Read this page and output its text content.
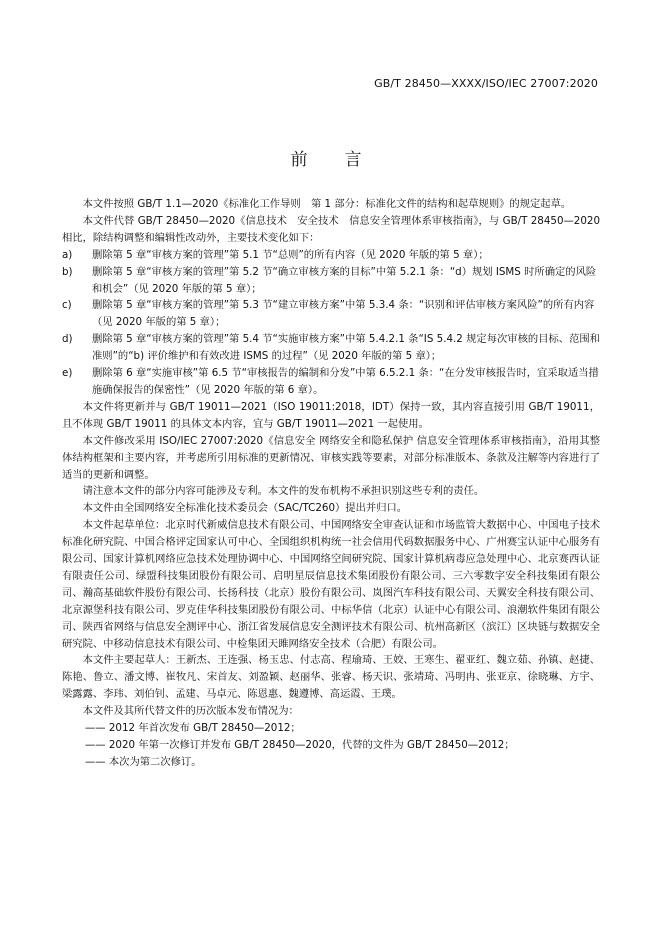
GB/T 28450—XXXX/ISO/IEC 27007:2020
前　言

本文件按照 GB/T 1.1—2020《标准化工作导则　第 1 部分：标准化文件的结构和起草规则》的规定起草。

本文件代替 GB/T 28450—2020《信息技术　安全技术　信息安全管理体系审核指南》，与 GB/T 28450—2020 相比，除结构调整和编辑性改动外，主要技术变化如下：

a)	删除第 5 章“审核方案的管理”第 5.1 节“总则”的所有内容（见 2020 年版的第 5 章）；
b)	删除第 5 章“审核方案的管理”第 5.2 节“确立审核方案的目标”中第 5.2.1 条：“d）规划 ISMS 时所确定的风险和机会”（见 2020 年版的第 5 章）；
c)	删除第 5 章“审核方案的管理”第 5.3 节“建立审核方案”中第 5.3.4 条：“识别和评估审核方案风险”的所有内容（见 2020 年版的第 5 章）；
d)	删除第 5 章“审核方案的管理”第 5.4 节“实施审核方案”中第 5.4.2.1 条“IS 5.4.2 规定每次审核的目标、范围和准则”的“b) 评价维护和有效改进 ISMS 的过程”（见 2020 年版的第 5 章）；
e)	删除第 6 章“实施审核”第 6.5 节“审核报告的编制和分发”中第 6.5.2.1 条：“在分发审核报告时，宜采取适当措施确保报告的保密性”（见 2020 年版的第 6 章）。

本文件将更新并与 GB/T 19011—2021（ISO 19011:2018，IDT）保持一致，其内容直接引用 GB/T 19011，且不体现 GB/T 19011 的具体文本内容，宜与 GB/T 19011—2021 一起使用。

本文件修改采用 ISO/IEC 27007:2020《信息安全 网络安全和隐私保护 信息安全管理体系审核指南》，沿用其整体结构框架和主要内容，并考虑所引用标准的更新情况、审核实践等要素，对部分标准版本、条款及注解等内容进行了适当的更新和调整。

请注意本文件的部分内容可能涉及专利。本文件的发布机构不承担识别这些专利的责任。

本文件由全国网络安全标准化技术委员会（SAC/TC260）提出并归口。

本文件起草单位：北京时代新威信息技术有限公司、中国网络安全审查认证和市场监管大数据中心、中国电子技术标准化研究院、中国合格评定国家认可中心、全国组织机构统一社会信用代码数据服务中心、广州赛宝认证中心服务有限公司、国家计算机网络应急技术处理协调中心、中国网络空间研究院、国家计算机病毒应急处理中心、北京赛西认证有限责任公司、绿盟科技集团股份有限公司、启明星辰信息技术集团股份有限公司、三六零数字安全科技集团有限公司、瀚高基础软件股份有限公司、长扬科技（北京）股份有限公司、岚图汽车科技有限公司、天翼安全科技有限公司、北京源堡科技有限公司、罗克佳华科技集团股份有限公司、中标华信（北京）认证中心有限公司、浪潮软件集团有限公司、陕西省网络与信息安全测评中心、浙江省发展信息安全测评技术有限公司、杭州高新区（滨江）区块链与数据安全研究院、中移动信息技术有限公司、中检集团天雎网络安全技术（合肥）有限公司。

本文件主要起草人：王新杰、王连强、杨玉忠、付志高、程瑜琦、王姣、王寒生、翟亚红、魏立茹、孙镇、赵捷、陈艳、鲁立、潘文博、崔牧凡、宋首友、刘盈颖、赵丽华、张睿、杨天识、张靖琦、冯明冉、张亚京、徐晓琳、方宇、梁露露、李玮、刘伯钊、孟建、马卓元、陈恩惠、魏遵博、高运霞、王璞。

本文件及其所代替文件的历次版本发布情况为：

—— 2012 年首次发布 GB/T 28450—2012；

—— 2020 年第一次修订并发布 GB/T 28450—2020，代替的文件为 GB/T 28450—2012；

—— 本次为第二次修订。
